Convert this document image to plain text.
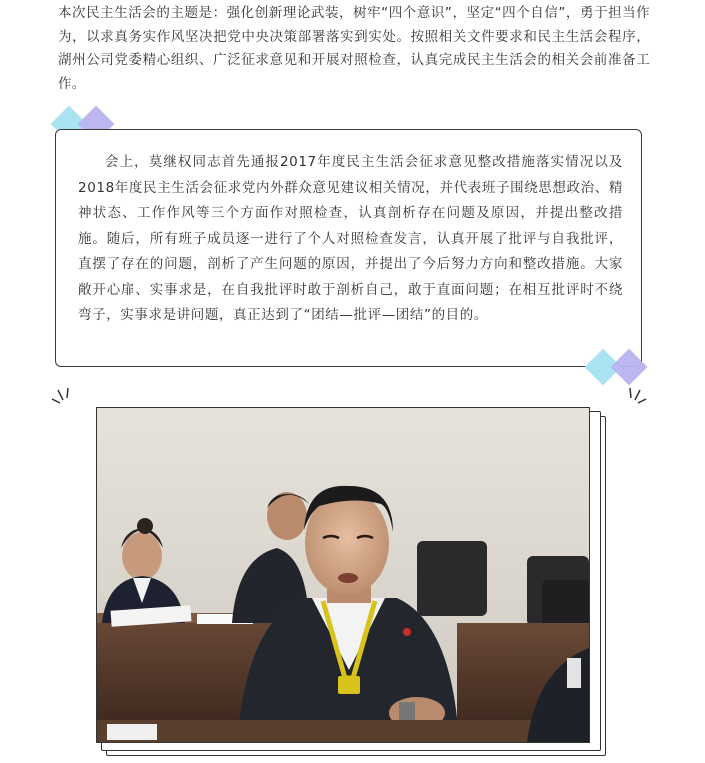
本次民主生活会的主题是：强化创新理论武装，树牢“四个意识”，坚定“四个自信”，勇于担当作为，以求真务实作风坚决把党中央决策部署落实到实处。按照相关文件要求和民主生活会程序，湖州公司党委精心组织、广泛征求意见和开展对照检查，认真完成民主生活会的相关会前准备工作。
会上，莫继权同志首先通报2017年度民主生活会征求意见整改措施落实情况以及2018年度民主生活会征求党内外群众意见建议相关情况，并代表班子围绕思想政治、精神状态、工作作风等三个方面作对照检查，认真剖析存在问题及原因，并提出整改措施。随后，所有班子成员逐一进行了个人对照检查发言，认真开展了批评与自我批评，直摆了存在的问题，剖析了产生问题的原因，并提出了今后努力方向和整改措施。大家敞开心扉、实事求是，在自我批评时敢于剖析自己，敢于直面问题；在相互批评时不绕弯子，实事求是讲问题，真正达到了“团结—批评—团结”的目的。
